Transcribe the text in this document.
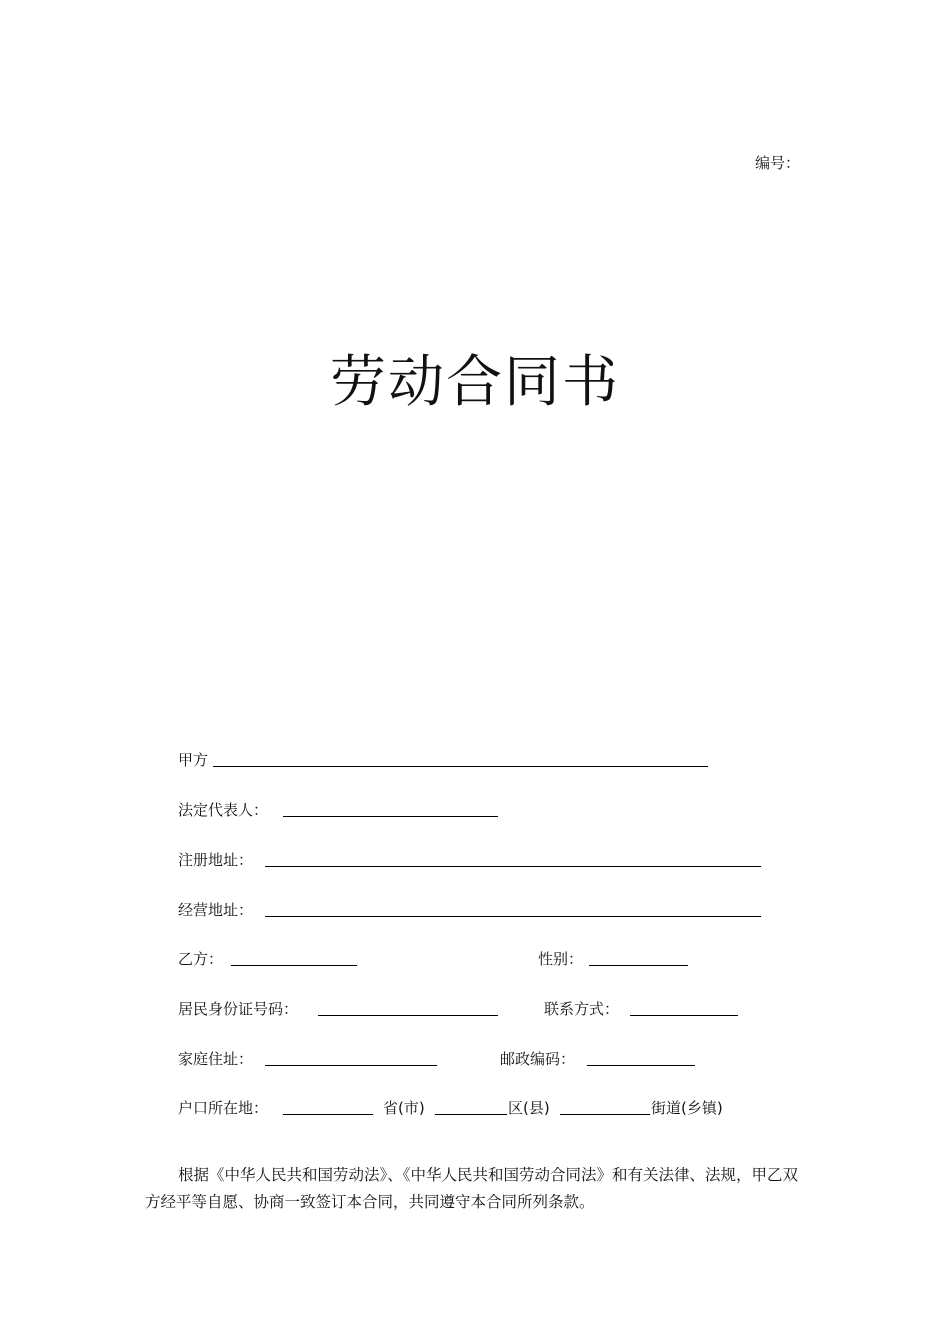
编号：
劳动合同书
甲方
法定代表人：
注册地址：
经营地址：
乙方：	性别：
居民身份证号码：	联系方式：
家庭住址：	邮政编码：
户口所在地：	省(市)	区(县)	街道(乡镇)

根据《中华人民共和国劳动法》、《中华人民共和国劳动合同法》和有关法律、法规，甲乙双方经平等自愿、协商一致签订本合同，共同遵守本合同所列条款。
